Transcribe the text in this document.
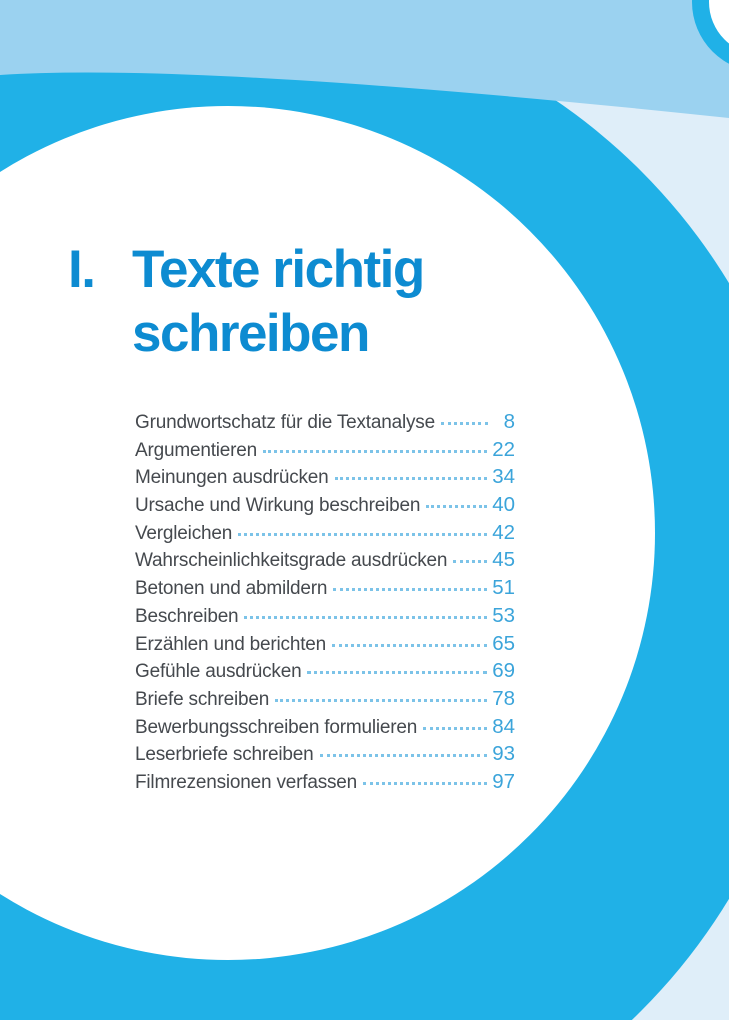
I. Texte richtig
schreiben
Grundwortschatz für die Textanalyse	8
Argumentieren	22
Meinungen ausdrücken	34
Ursache und Wirkung beschreiben	40
Vergleichen	42
Wahrscheinlichkeitsgrade ausdrücken 45
Betonen und abmildern	51
Beschreiben	53
Erzählen und berichten	65
Gefühle ausdrücken	69
Briefe schreiben	78
Bewerbungsschreiben formulieren	84
Leserbriefe schreiben	93
Filmrezensionen verfassen	97
